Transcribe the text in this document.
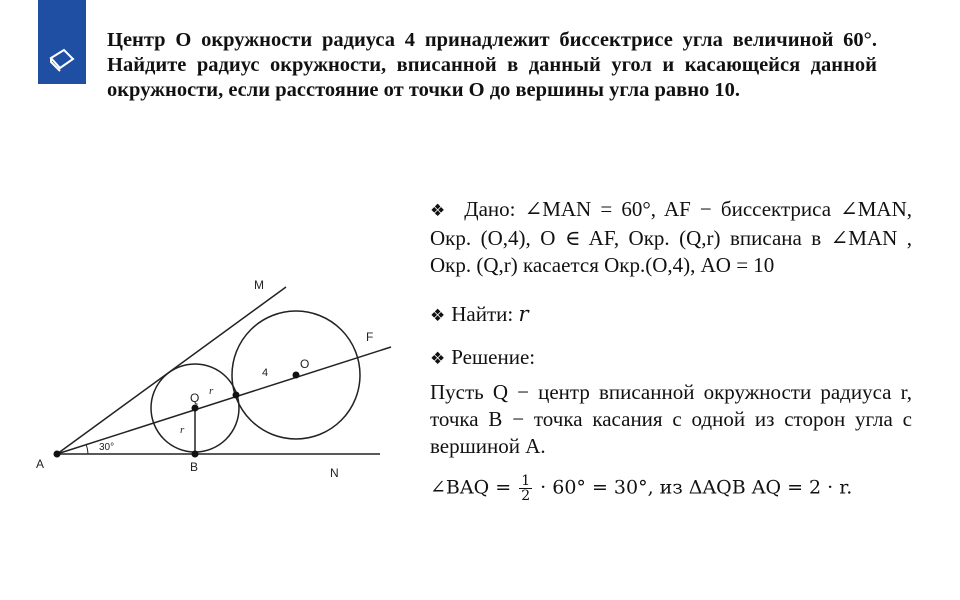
Центр О окружности радиуса 4 принадлежит биссектрисе угла величиной 60°. Найдите радиус окружности, вписанной в данный угол и касающейся данной окружности, если расстояние от точки О до вершины угла равно 10.
M
F
O
Q
A	B	N
r
r
4
30°

❖ Дано: ∠MAN = 60°, AF − биссектриса ∠MAN, Окр. (O,4), O ∈ AF, Окр. (Q,r) вписана в ∠MAN , Окр. (Q,r) касается Окр.(O,4), AO = 10

❖ Найти: r

❖ Решение:

Пусть Q − центр вписанной окружности радиуса r, точка B − точка касания с одной из сторон угла с вершиной A.

∠BAQ = $\frac{1}{2} \cdot 60^\circ = 30^\circ$, из ΔAQB AQ = 2 · r.
